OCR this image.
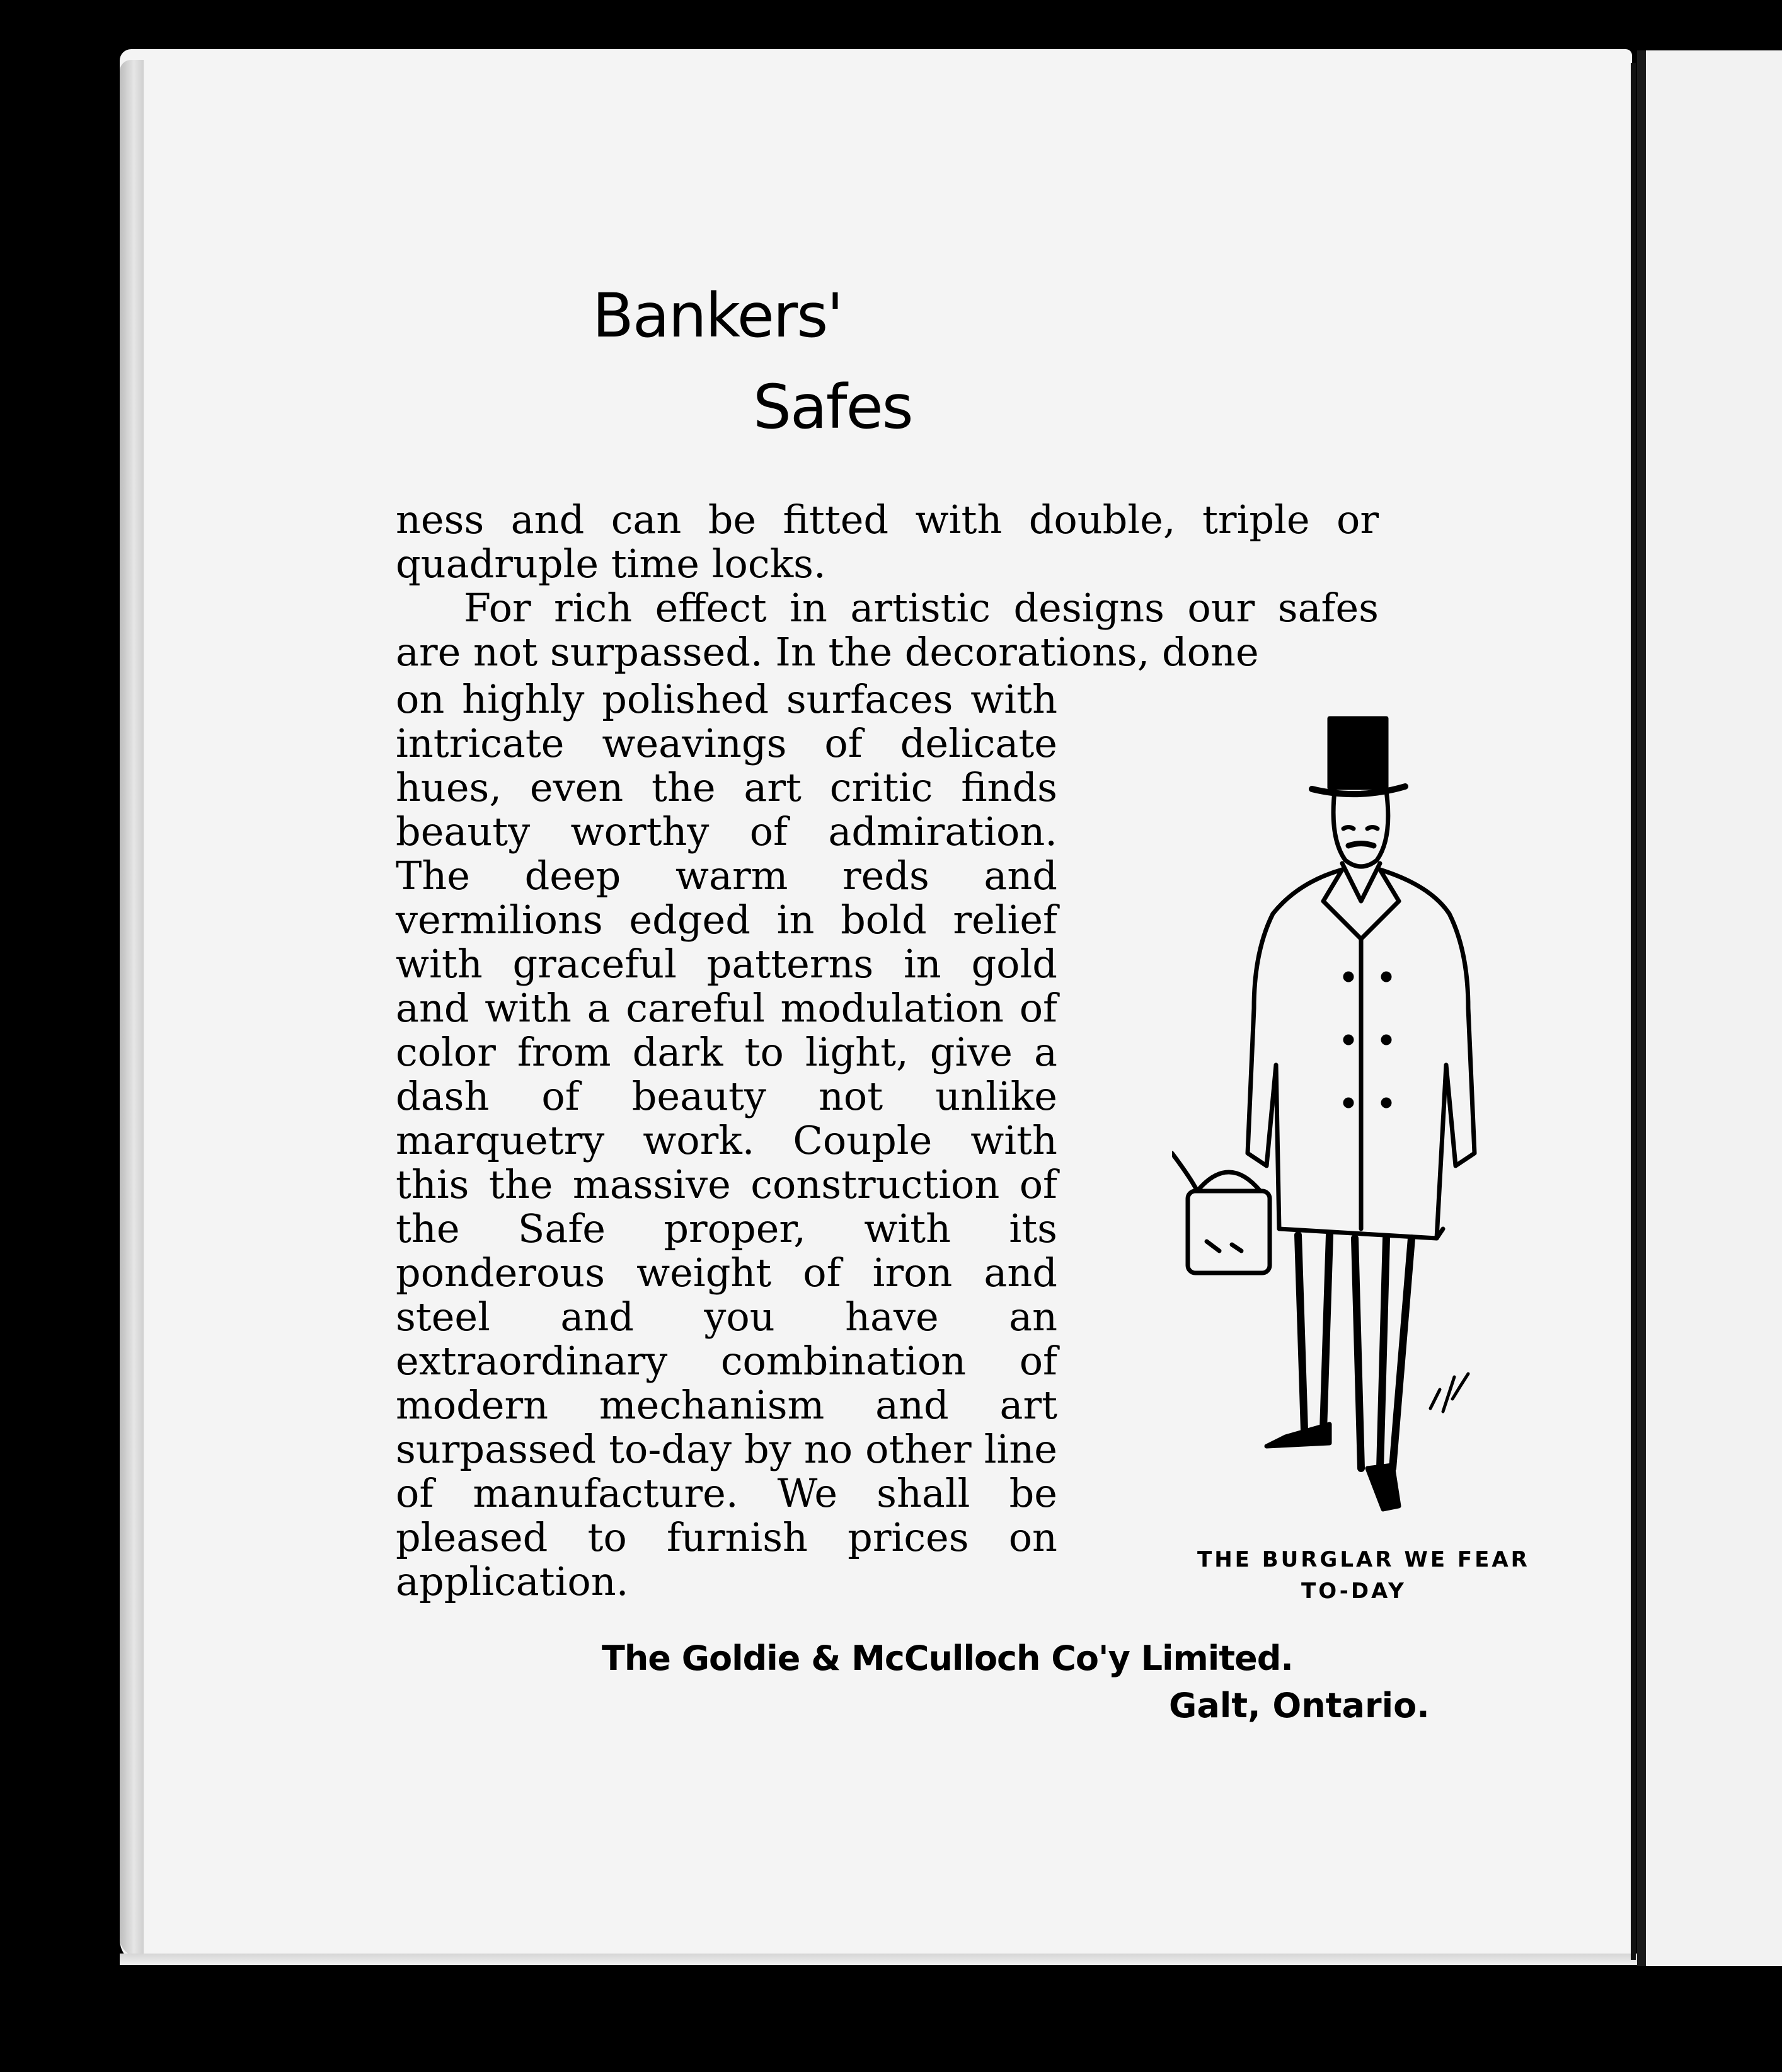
Bankers'
Safes

ness and can be fitted with double, triple or quadruple time locks.
For rich effect in artistic designs our safes are not surpassed. In the decorations, done

on highly polished surfaces with intricate weavings of delicate hues, even the art critic finds beauty worthy of admiration. The deep warm reds and vermilions edged in bold relief with graceful patterns in gold and with a careful modulation of color from dark to light, give a dash of beauty not unlike marquetry work. Couple with this the massive construction of the Safe proper, with its ponderous weight of iron and steel and you have an extraordinary combination of modern mechanism and art surpassed to-day by no other line of manufacture. We shall be pleased to furnish prices on application.	THE BURGLAR WE FEAR

TO-DAY

The Goldie & McCulloch Co'y Limited.

Galt, Ontario.
